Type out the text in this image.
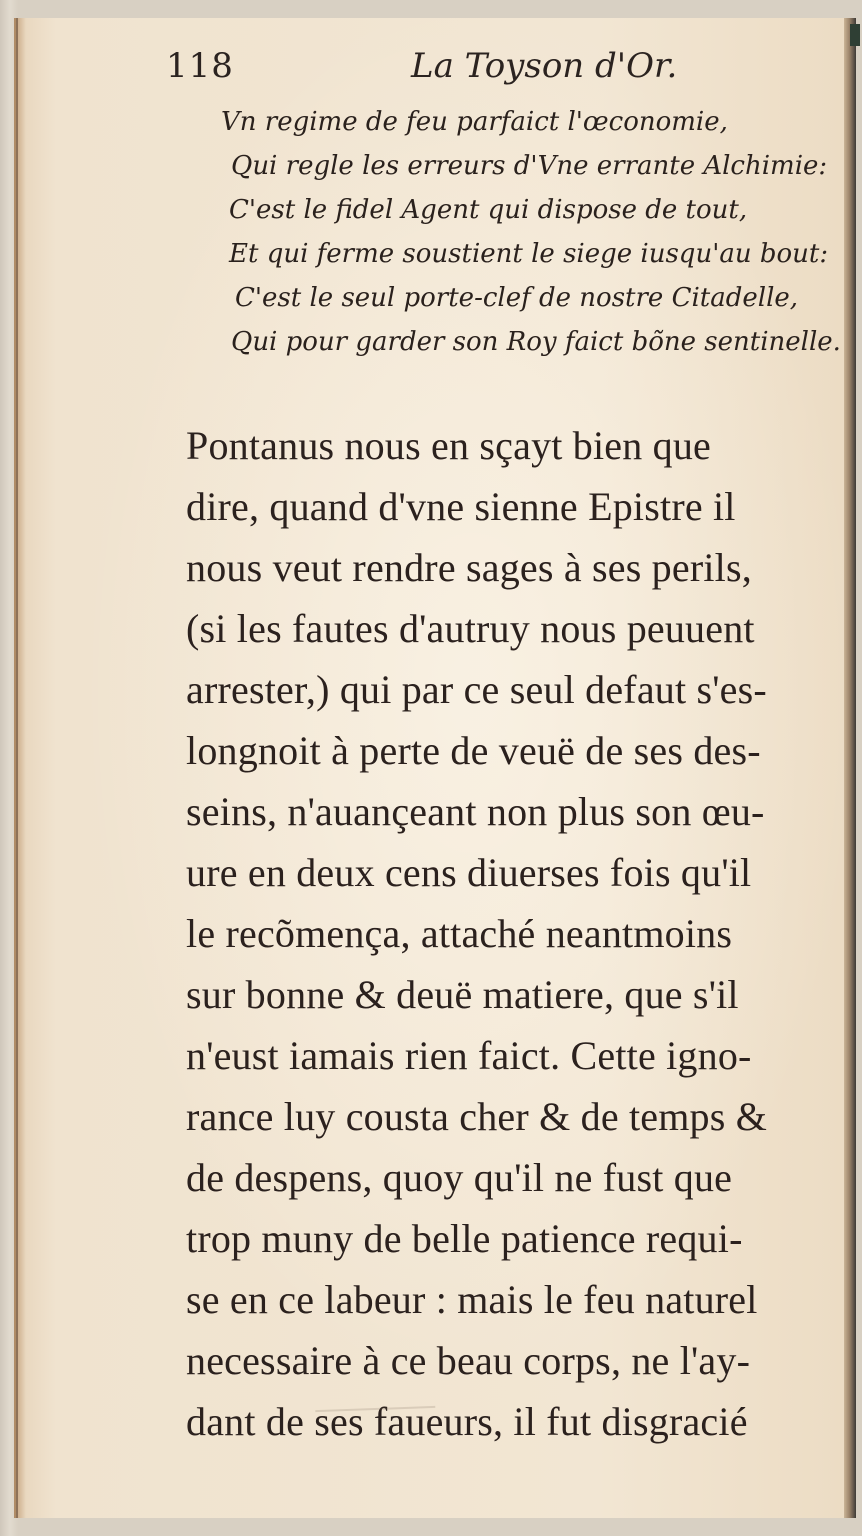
118	La Toyson d'Or.
Vn regime de feu parfaict l'œconomie,
Qui regle les erreurs d'Vne errante Alchimie:
C'est le fidel Agent qui dispose de tout,
Et qui ferme soustient le siege iusqu'au bout:
C'est le seul porte-clef de nostre Citadelle,
Qui pour garder son Roy faict bõne sentinelle.
Pontanus nous en sçayt bien que
dire, quand d'vne sienne Epistre il
nous veut rendre sages à ses perils,
(si les fautes d'autruy nous peuuent
arrester,) qui par ce seul defaut s'es-
longnoit à perte de veuë de ses des-
seins, n'auançeant non plus son œu-
ure en deux cens diuerses fois qu'il
le recõmença, attaché neantmoins
sur bonne & deuë matiere, que s'il
n'eust iamais rien faict. Cette igno-
rance luy cousta cher & de temps &
de despens, quoy qu'il ne fust que
trop muny de belle patience requi-
se en ce labeur : mais le feu naturel
necessaire à ce beau corps, ne l'ay-
dant de ses faueurs, il fut disgracié
